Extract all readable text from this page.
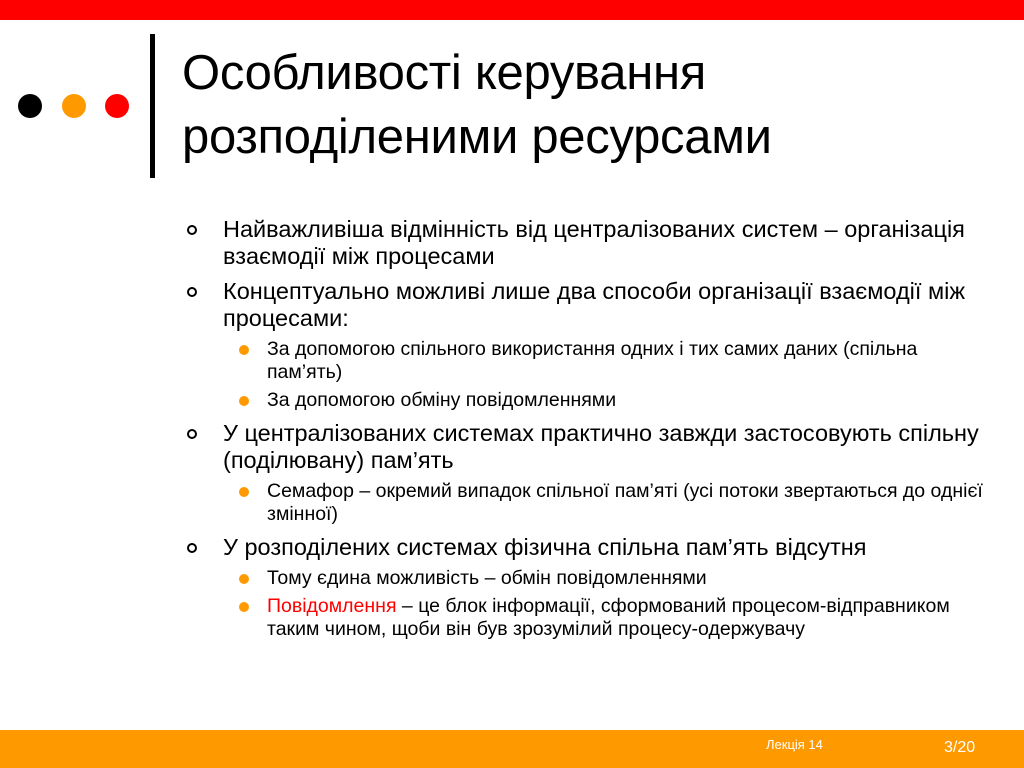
Особливості керування
розподіленими ресурсами
Найважливіша відмінність від централізованих систем – організація взаємодії між процесами
Концептуально можливі лише два способи організації взаємодії між процесами:
За допомогою спільного використання одних і тих самих даних (спільна пам’ять)
За допомогою обміну повідомленнями
У централізованих системах практично завжди застосовують спільну (поділювану) пам’ять
Семафор – окремий випадок спільної пам’яті (усі потоки звертаються до однієї змінної)
У розподілених системах фізична спільна пам’ять відсутня
Тому єдина можливість – обмін повідомленнями
Повідомлення – це блок інформації, сформований процесом-відправником таким чином, щоби він був зрозумілий процесу-одержувачу
Лекція 14	3/20
